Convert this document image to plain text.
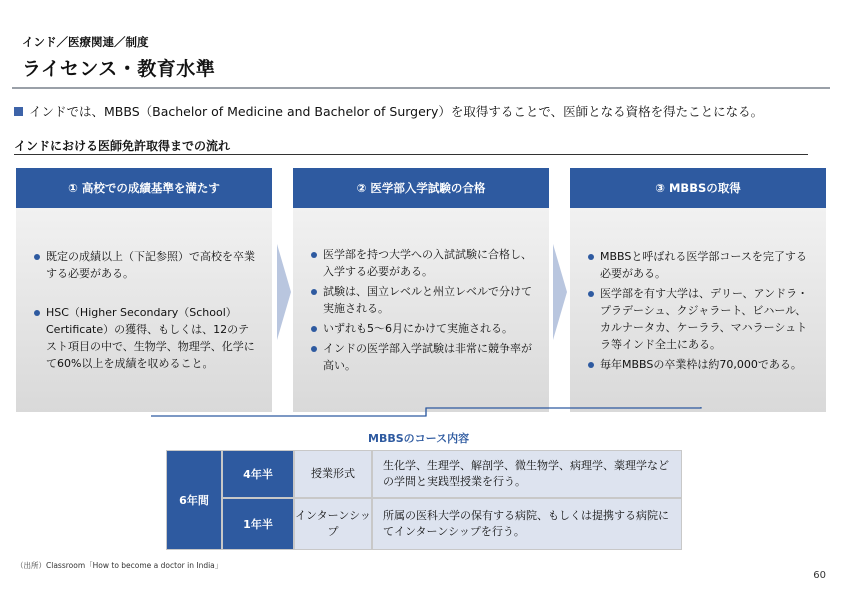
インド／医療関連／制度
ライセンス・教育水準
インドでは、MBBS（Bachelor of Medicine and Bachelor of Surgery）を取得することで、医師となる資格を得たことになる。
インドにおける医師免許取得までの流れ
① 高校での成績基準を満たす
既定の成績以上（下記参照）で高校を卒業する必要がある。
HSC（Higher Secondary（School）Certificate）の獲得、もしくは、12のテスト項目の中で、生物学、物理学、化学にて60%以上を成績を収めること。
② 医学部入学試験の合格
医学部を持つ大学への入試試験に合格し、入学する必要がある。
試験は、国立レベルと州立レベルで分けて実施される。
いずれも5～6月にかけて実施される。
インドの医学部入学試験は非常に競争率が高い。
③ MBBSの取得
MBBSと呼ばれる医学部コースを完了する必要がある。
医学部を有す大学は、デリー、アンドラ・プラデーシュ、クジャラート、ビハール、カルナータカ、ケーララ、マハラーシュトラ等インド全土にある。
毎年MBBSの卒業枠は約70,000である。
MBBSのコース内容
6年間	4年半	授業形式	生化学、生理学、解剖学、微生物学、病理学、薬理学などの学問と実践型授業を行う。
	1年半	インターンシップ	所属の医科大学の保有する病院、もしくは提携する病院にてインターンシップを行う。
（出所）Classroom「How to become a doctor in India」
60
